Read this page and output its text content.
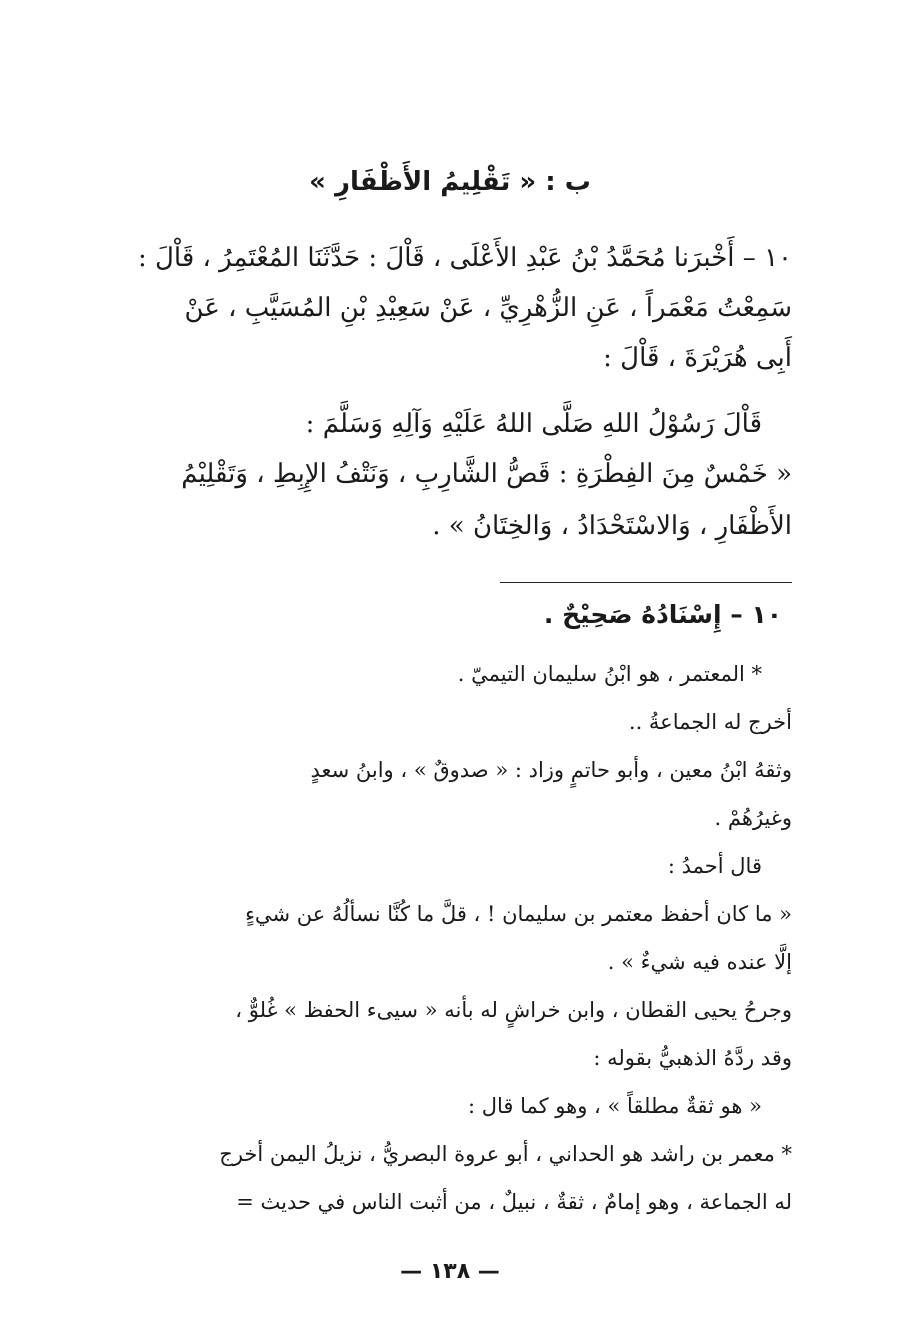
ب : « تَقْلِيمُ الأَظْفَارِ »
١٠ – أَخْبرَنا مُحَمَّدُ بْنُ عَبْدِ الأَعْلَى ، قَاْلَ : حَدَّثَنَا المُعْتَمِرُ ، قَاْلَ :
سَمِعْتُ مَعْمَراً ، عَنِ الزُّهْرِيِّ ، عَنْ سَعِيْدِ بْنِ المُسَيَّبِ ، عَنْ
أَبِى هُرَيْرَةَ ، قَاْلَ :
قَاْلَ رَسُوْلُ اللهِ صَلَّى اللهُ عَلَيْهِ وَآلِهِ وَسَلَّمَ :
« خَمْسٌ مِنَ الفِطْرَةِ : قَصُّ الشَّارِبِ ، وَنَتْفُ الإِبِطِ ، وَتَقْلِيْمُ
الأَظْفَارِ ، وَالاسْتَحْدَادُ ، وَالخِتَانُ » .
١٠ – إِسْنَادُهُ صَحِيْحٌ .
* المعتمر ، هو ابْنُ سليمان التيميّ .
أخرج له الجماعةُ ..
وثقهُ ابْنُ معين ، وأبو حاتمٍ وزاد : « صدوقٌ » ، وابنُ سعدٍ
وغيرُهُمْ .
قال أحمدُ :
« ما كان أحفظ معتمر بن سليمان ! ، قلَّ ما كُنَّا نسألُهُ عن شيءٍ
إلَّا عنده فيه شيءٌ » .
وجرحُ يحيى القطان ، وابن خراشٍ له بأنه « سيىء الحفظ » غُلوٌّ ،
وقد ردَّهُ الذهبيُّ بقوله :
« هو ثقةٌ مطلقاً » ، وهو كما قال :
* معمر بن راشد هو الحداني ، أبو عروة البصريُّ ، نزيلُ اليمن أخرج
له الجماعة ، وهو إمامٌ ، ثقةٌ ، نبيلٌ ، من أثبت الناس في حديث =
— ١٣٨ —
